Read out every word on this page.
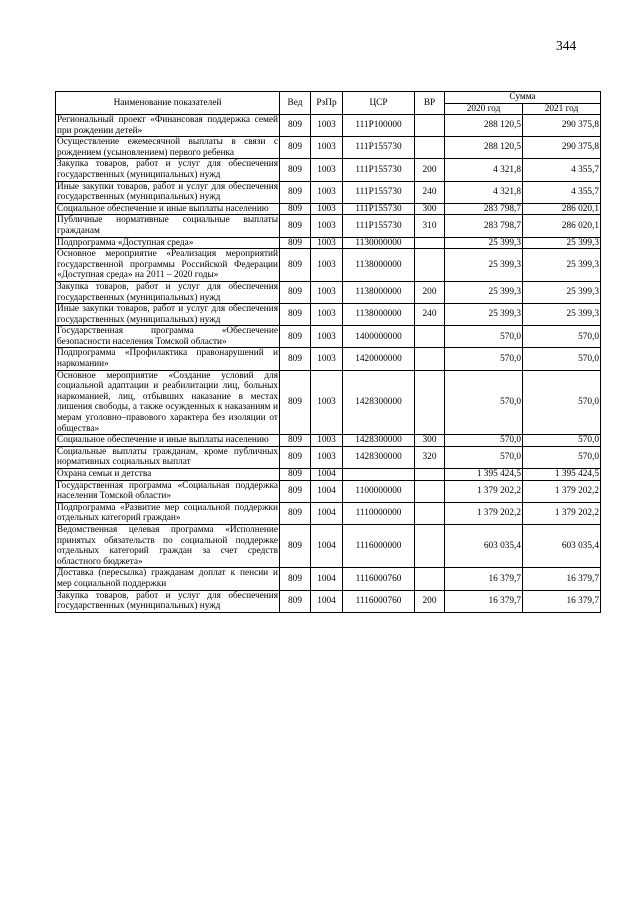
344
Наименование показателей	Вед	РзПр	ЦСР	ВР	Сумма	
					2020 год	2021 год
Региональный проект «Финансовая поддержка семей при рождении детей»	809	1003	111P100000		288 120,5	290 375,8
Осуществление ежемесячной выплаты в связи с рождением (усыновлением) первого ребенка	809	1003	111P155730		288 120,5	290 375,8
Закупка товаров, работ и услуг для обеспечения государственных (муниципальных) нужд	809	1003	111P155730	200	4 321,8	4 355,7
Иные закупки товаров, работ и услуг для обеспечения государственных (муниципальных) нужд	809	1003	111P155730	240	4 321,8	4 355,7
Социальное обеспечение и иные выплаты населению	809	1003	111P155730	300	283 798,7	286 020,1
Публичные нормативные социальные выплаты гражданам	809	1003	111P155730	310	283 798,7	286 020,1
Подпрограмма «Доступная среда»	809	1003	1130000000		25 399,3	25 399,3
Основное мероприятие «Реализация мероприятий государственной программы Российской Федерации «Доступная среда» на 2011 – 2020 годы»	809	1003	1138000000		25 399,3	25 399,3
Закупка товаров, работ и услуг для обеспечения государственных (муниципальных) нужд	809	1003	1138000000	200	25 399,3	25 399,3
Иные закупки товаров, работ и услуг для обеспечения государственных (муниципальных) нужд	809	1003	1138000000	240	25 399,3	25 399,3
Государственная программа «Обеспечение безопасности населения Томской области»	809	1003	1400000000		570,0	570,0
Подпрограмма «Профилактика правонарушений и наркомании»	809	1003	1420000000		570,0	570,0
Основное мероприятие «Создание условий для социальной адаптации и реабилитации лиц, больных наркоманией, лиц, отбывших наказание в местах лишения свободы, а также осужденных к наказаниям и мерам уголовно–правового характера без изоляции от общества»	809	1003	1428300000		570,0	570,0
Социальное обеспечение и иные выплаты населению	809	1003	1428300000	300	570,0	570,0
Социальные выплаты гражданам, кроме публичных нормативных социальных выплат	809	1003	1428300000	320	570,0	570,0
Охрана семьи и детства	809	1004			1 395 424,5	1 395 424,5
Государственная программа «Социальная поддержка населения Томской области»	809	1004	1100000000		1 379 202,2	1 379 202,2
Подпрограмма «Развитие мер социальной поддержки отдельных категорий граждан»	809	1004	1110000000		1 379 202,2	1 379 202,2
Ведомственная целевая программа «Исполнение принятых обязательств по социальной поддержке отдельных категорий граждан за счет средств областного бюджета»	809	1004	1116000000		603 035,4	603 035,4
Доставка (пересылка) гражданам доплат к пенсии и мер социальной поддержки	809	1004	1116000760		16 379,7	16 379,7
Закупка товаров, работ и услуг для обеспечения государственных (муниципальных) нужд	809	1004	1116000760	200	16 379,7	16 379,7
